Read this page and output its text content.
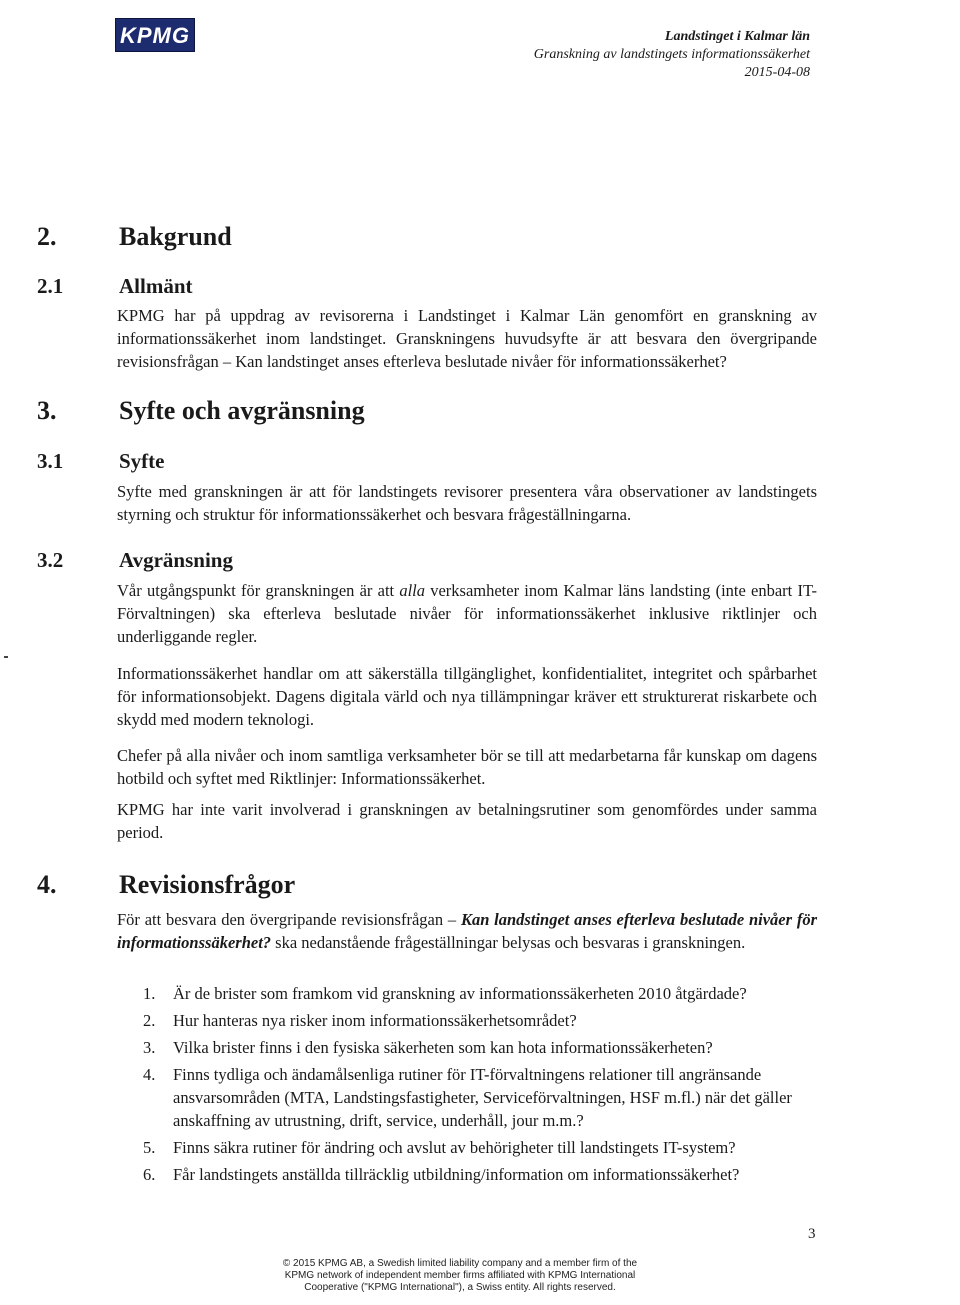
KPMG	Landstinget i Kalmar län
Granskning av landstingets informationssäkerhet
2015-04-08
2. Bakgrund
2.1	Allmänt
KPMG har på uppdrag av revisorerna i Landstinget i Kalmar Län genomfört en granskning av informationssäkerhet inom landstinget. Granskningens huvudsyfte är att besvara den övergripande revisionsfrågan – Kan landstinget anses efterleva beslutade nivåer för informationssäkerhet?
3. Syfte och avgränsning
3.1	Syfte
Syfte med granskningen är att för landstingets revisorer presentera våra observationer av landstingets styrning och struktur för informationssäkerhet och besvara frågeställningarna.
3.2	Avgränsning
Vår utgångspunkt för granskningen är att alla verksamheter inom Kalmar läns landsting (inte enbart IT-Förvaltningen) ska efterleva beslutade nivåer för informationssäkerhet inklusive riktlinjer och underliggande regler.
Informationssäkerhet handlar om att säkerställa tillgänglighet, konfidentialitet, integritet och spårbarhet för informationsobjekt. Dagens digitala värld och nya tillämpningar kräver ett strukturerat riskarbete och skydd med modern teknologi.
Chefer på alla nivåer och inom samtliga verksamheter bör se till att medarbetarna får kunskap om dagens hotbild och syftet med Riktlinjer: Informationssäkerhet.
KPMG har inte varit involverad i granskningen av betalningsrutiner som genomfördes under samma period.
4. Revisionsfrågor
För att besvara den övergripande revisionsfrågan – Kan landstinget anses efterleva beslutade nivåer för informationssäkerhet? ska nedanstående frågeställningar belysas och besvaras i granskningen.
1. Är de brister som framkom vid granskning av informationssäkerheten 2010 åtgärdade?
2. Hur hanteras nya risker inom informationssäkerhetsområdet?
3. Vilka brister finns i den fysiska säkerheten som kan hota informationssäkerheten?
4. Finns tydliga och ändamålsenliga rutiner för IT-förvaltningens relationer till angränsande ansvarsområden (MTA, Landstingsfastigheter, Serviceförvaltningen, HSF m.fl.) när det gäller anskaffning av utrustning, drift, service, underhåll, jour m.m.?
5. Finns säkra rutiner för ändring och avslut av behörigheter till landstingets IT-system?
6. Får landstingets anställda tillräcklig utbildning/information om informationssäkerhet?
3
© 2015 KPMG AB, a Swedish limited liability company and a member firm of the
KPMG network of independent member firms affiliated with KPMG International
Cooperative ("KPMG International"), a Swiss entity. All rights reserved.
